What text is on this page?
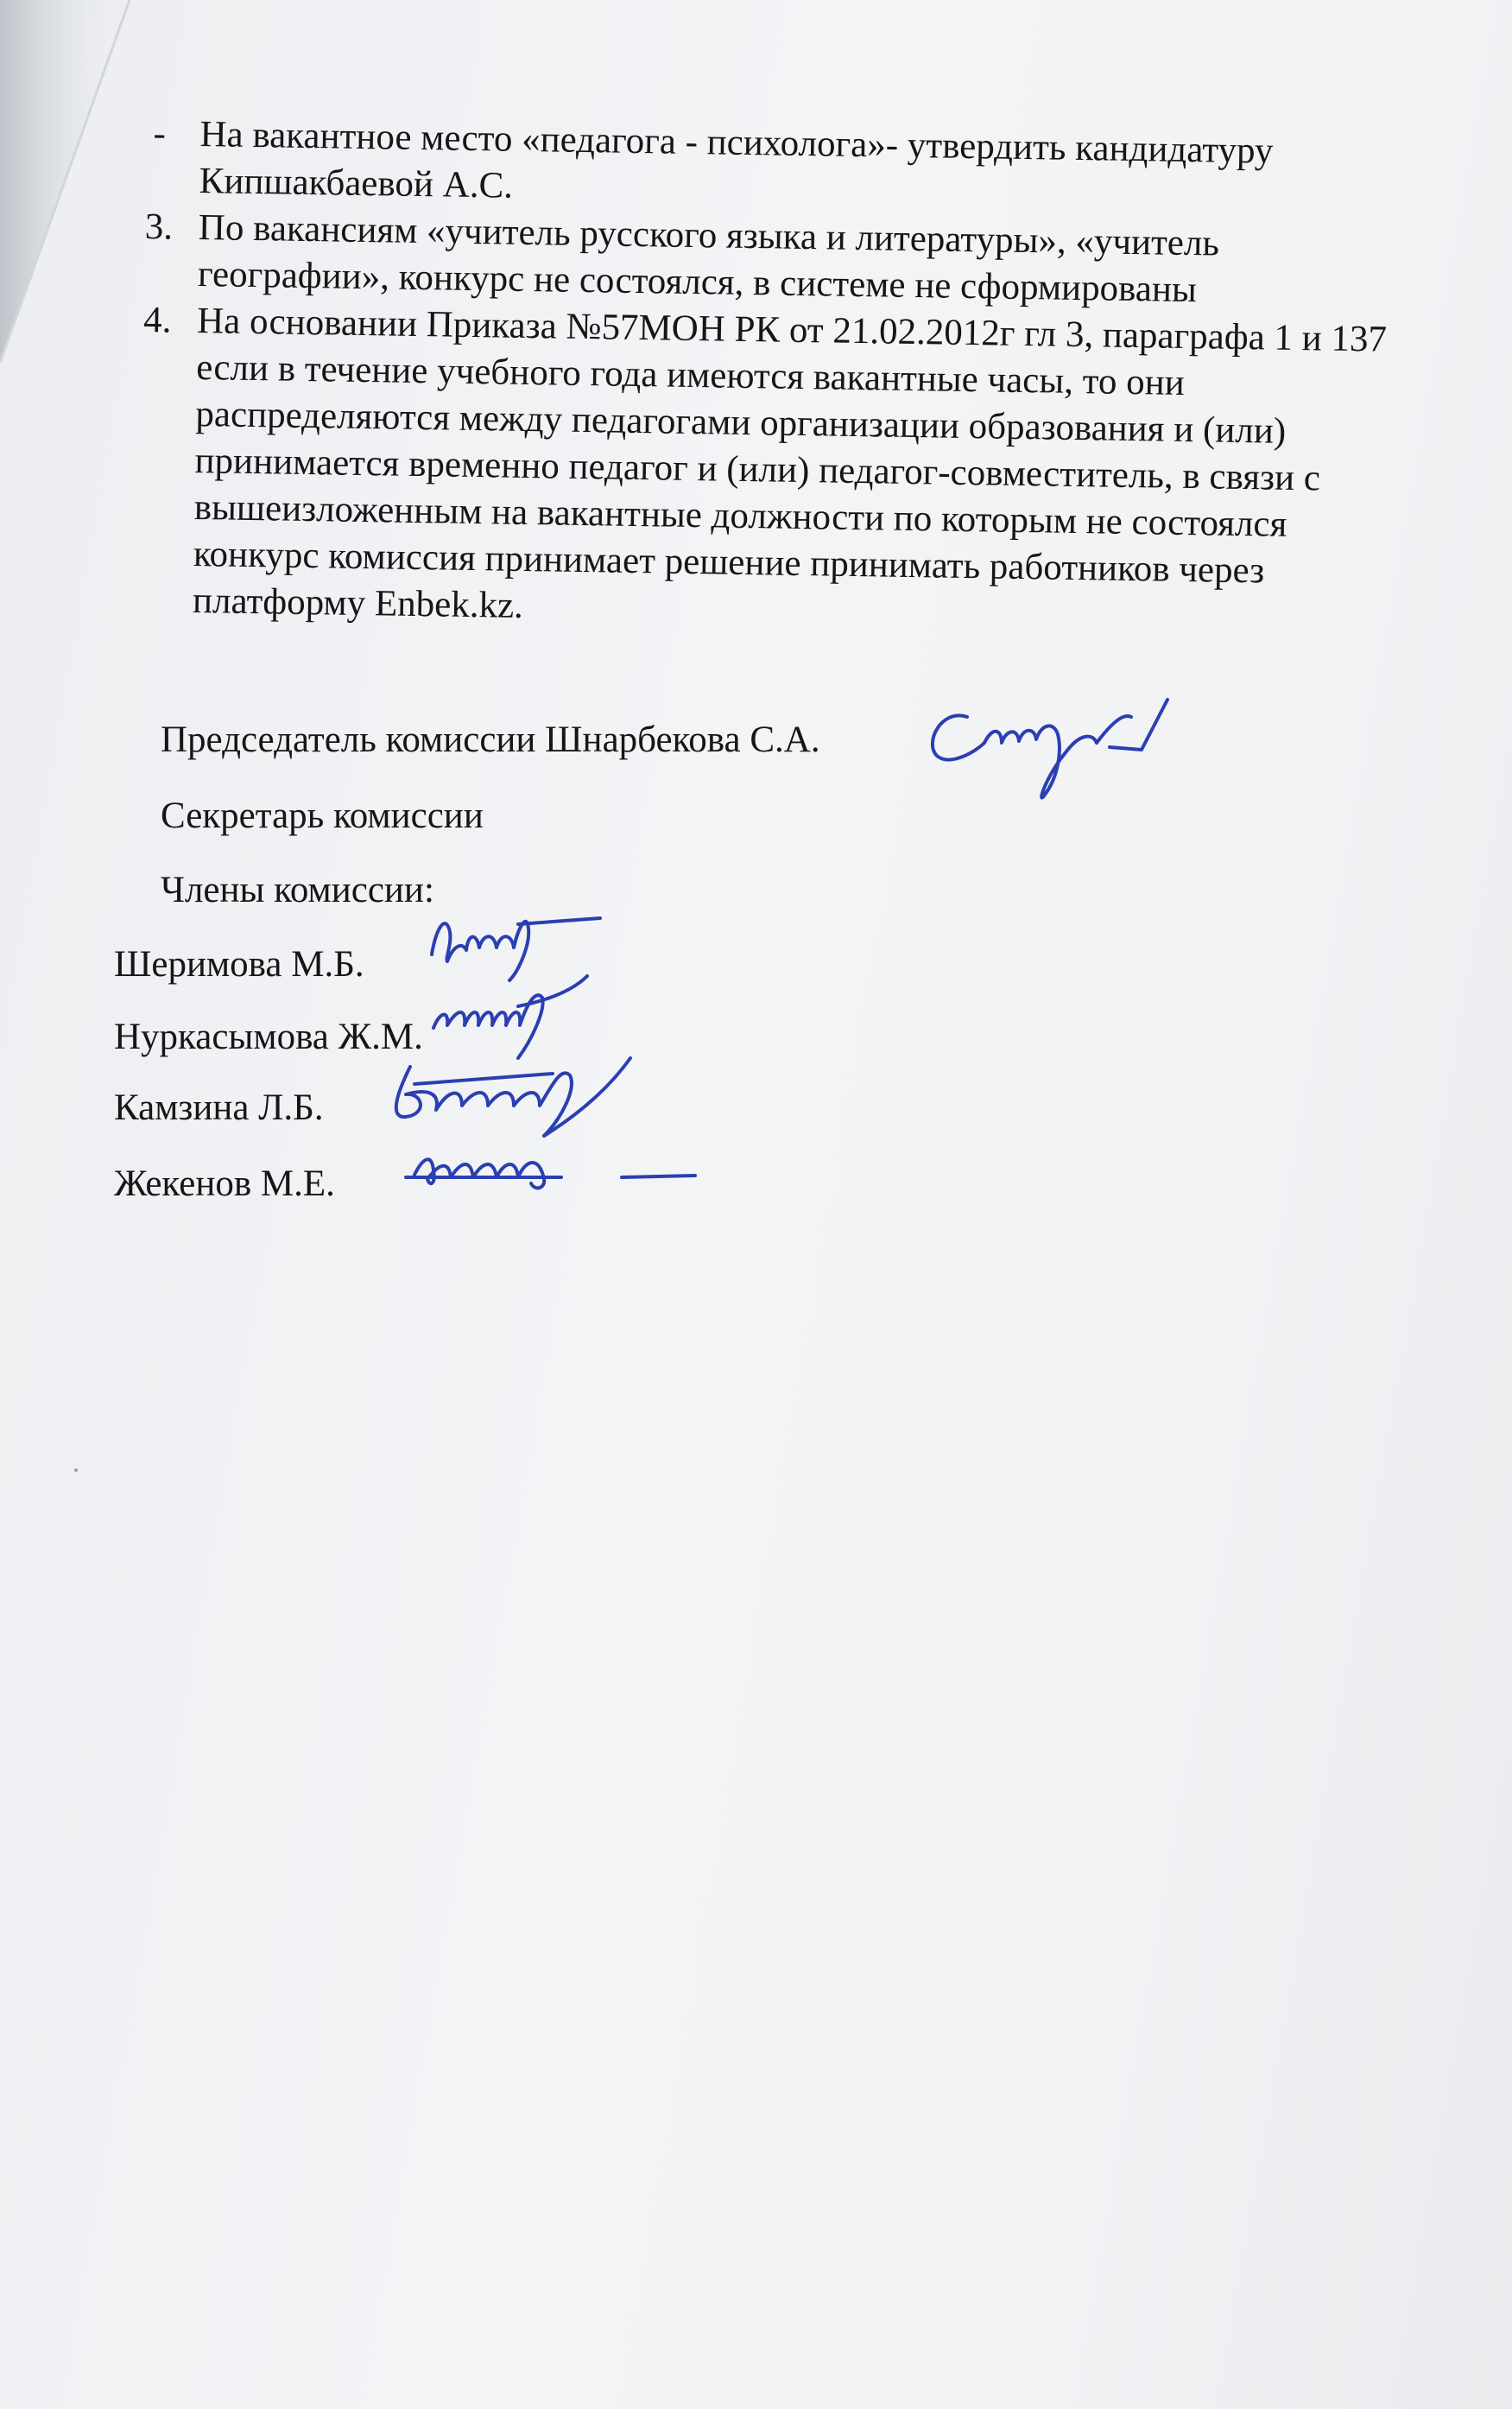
- На вакантное место «педагога - психолога»- утвердить кандидатуру
Кипшакбаевой А.С.
3. По вакансиям «учитель русского языка и литературы», «учитель
географии», конкурс не состоялся, в системе не сформированы
4. На основании Приказа №57МОН РК от 21.02.2012г гл 3, параграфа 1 и 137
если в течение учебного года имеются вакантные часы, то они
распределяются между педагогами организации образования и (или)
принимается временно педагог и (или) педагог-совместитель, в связи с
вышеизложенным на вакантные должности по которым не состоялся
конкурс комиссия принимает решение принимать работников через
платформу Enbek.kz.
Председатель комиссии Шнарбекова С.А.
Секретарь комиссии
Члены комиссии:
Шеримова М.Б.
Нуркасымова Ж.М.
Камзина Л.Б.
Жекенов М.Е.
